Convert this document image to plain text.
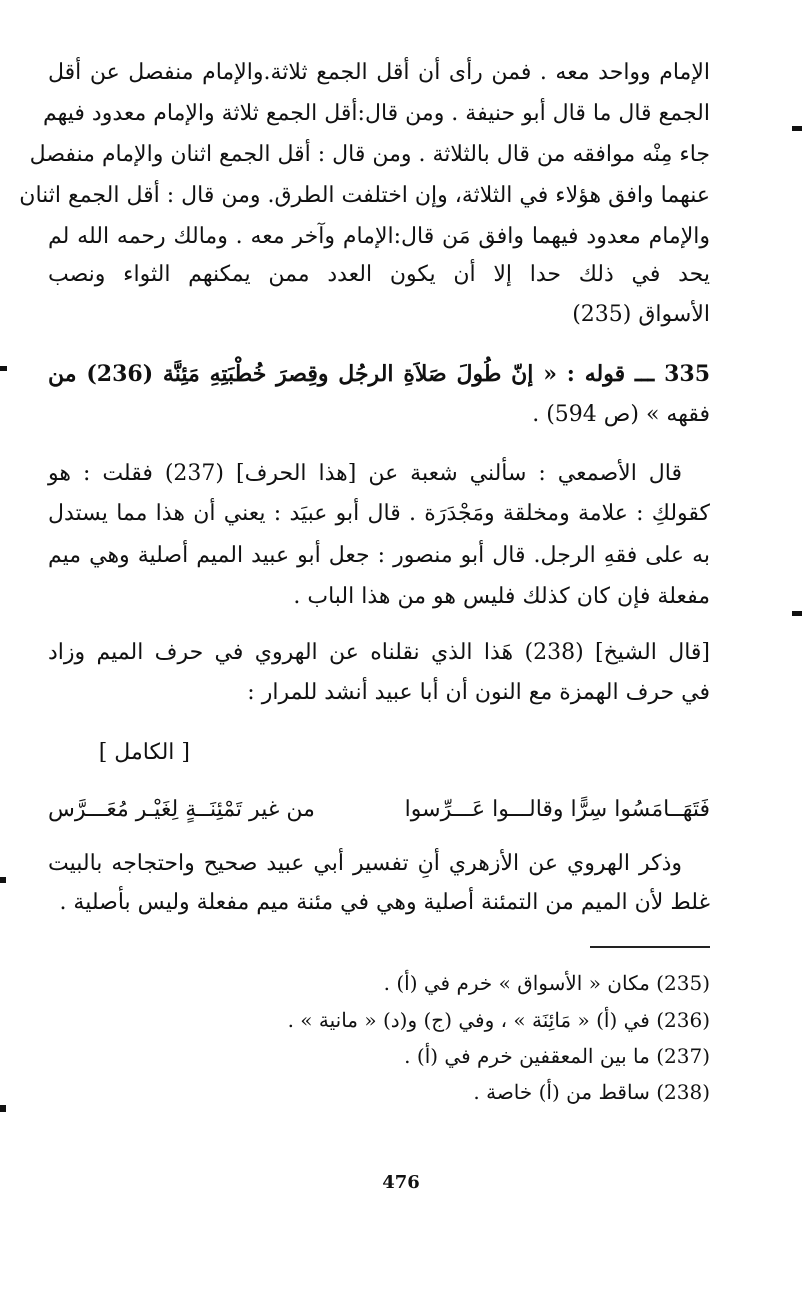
الإمام وواحد معه . فمن رأى أن أقل الجمع ثلاثة.والإمام منفصل عن أقل
الجمع قال ما قال أبو حنيفة . ومن قال:أقل الجمع ثلاثة والإمام معدود فيهم
جاء مِنْه موافقه من قال بالثلاثة . ومن قال : أقل الجمع اثنان والإمام منفصل
عنهما وافق هؤلاء في الثلاثة، وإن اختلفت الطرق. ومن قال : أقل الجمع اثنان
والإمام معدود فيهما وافق مَن قال:الإمام وآخر معه . ومالك رحمه الله لم
يحد في ذلك حدا إلا أن يكون العدد ممن يمكنهم الثواء ونصب
الأسواق (235)
335 ـــ قوله : « إنّ طُولَ صَلاَةِ الرجُل وقِصرَ خُطْبَتِهِ مَئِنَّة (236) من
فقهه » (ص 594) .
قال الأصمعي : سألني شعبة عن [هذا الحرف] (237) فقلت : هو
كقولكِ : علامة ومخلقة ومَجْدَرَة . قال أبو عبيَد : يعني أن هذا مما يستدل
به على فقهِ الرجل. قال أبو منصور : جعل أبو عبيد الميم أصلية وهي ميم
مفعلة فإن كان كذلك فليس هو من هذا الباب .
[قال الشيخ] (238) هَذا الذي نقلناه عن الهروي في حرف الميم وزاد
في حرف الهمزة مع النون أن أبا عبيد أنشد للمرار :
[ الكامل ]
فَتَهَــامَسُوا سِرًّا وقالـــوا عَـــرِّسوا
من غير تَمْئِنَــةٍ لِغَيْـر مُعَـــرَّس
وذكر الهروي عن الأزهري أنِ تفسير أبي عبيد صحيح واحتجاجه بالبيت
غلط لأن الميم من التمئنة أصلية وهي في مئنة ميم مفعلة وليس بأصلية .
(235) مكان « الأسواق » خرم في (أ) .
(236) في (أ) « مَائِنَة » ، وفي (ج) و(د) « مانية » .
(237) ما بين المعقفين خرم في (أ) .
(238) ساقط من (أ) خاصة .
476
